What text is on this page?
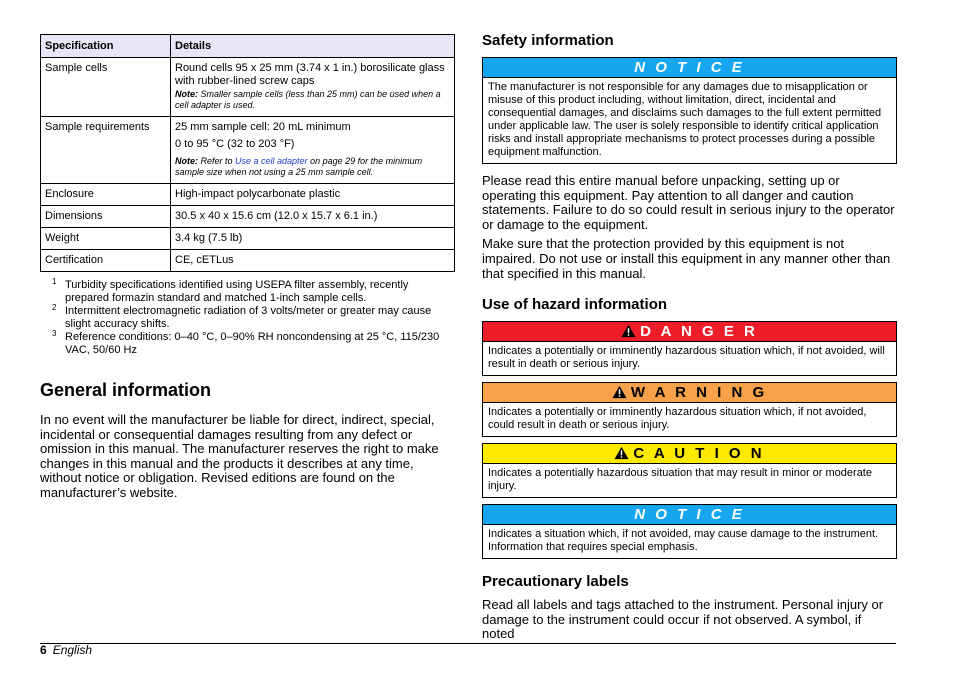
Specification	Details
Sample cells	Round cells 95 x 25 mm (3.74 x 1 in.) borosilicate glass with rubber-lined screw caps

Note: Smaller sample cells (less than 25 mm) can be used when a cell adapter is used.

Sample requirements	25 mm sample cell: 20 mL minimum

0 to 95 °C (32 to 203 °F)

Note: Refer to Use a cell adapter on page 29 for the minimum sample size when not using a 25 mm sample cell.

Enclosure	High-impact polycarbonate plastic
Dimensions	30.5 x 40 x 15.6 cm (12.0 x 15.7 x 6.1 in.)
Weight	3.4 kg (7.5 lb)
Certification	CE, cETLus
1 Turbidity specifications identified using USEPA filter assembly, recently prepared formazin standard and matched 1-inch sample cells.
2 Intermittent electromagnetic radiation of 3 volts/meter or greater may cause slight accuracy shifts.
3 Reference conditions: 0–40 °C, 0–90% RH noncondensing at 25 °C, 115/230 VAC, 50/60 Hz
General information

In no event will the manufacturer be liable for direct, indirect, special, incidental or consequential damages resulting from any defect or omission in this manual. The manufacturer reserves the right to make changes in this manual and the products it describes at any time, without notice or obligation. Revised editions are found on the manufacturer’s website.

Safety information
N O T I C E
The manufacturer is not responsible for any damages due to misapplication or misuse of this product including, without limitation, direct, incidental and consequential damages, and disclaims such damages to the full extent permitted under applicable law. The user is solely responsible to identify critical application risks and install appropriate mechanisms to protect processes during a possible equipment malfunction.

Please read this entire manual before unpacking, setting up or operating this equipment. Pay attention to all danger and caution statements. Failure to do so could result in serious injury to the operator or damage to the equipment.

Make sure that the protection provided by this equipment is not impaired. Do not use or install this equipment in any manner other than that specified in this manual.

Use of hazard information
D A N G E R
Indicates a potentially or imminently hazardous situation which, if not avoided, will result in death or serious injury.
W A R N I N G
Indicates a potentially or imminently hazardous situation which, if not avoided, could result in death or serious injury.
C A U T I O N
Indicates a potentially hazardous situation that may result in minor or moderate injury.
N O T I C E
Indicates a situation which, if not avoided, may cause damage to the instrument. Information that requires special emphasis.
Precautionary labels

Read all labels and tags attached to the instrument. Personal injury or damage to the instrument could occur if not observed. A symbol, if noted

6 English
